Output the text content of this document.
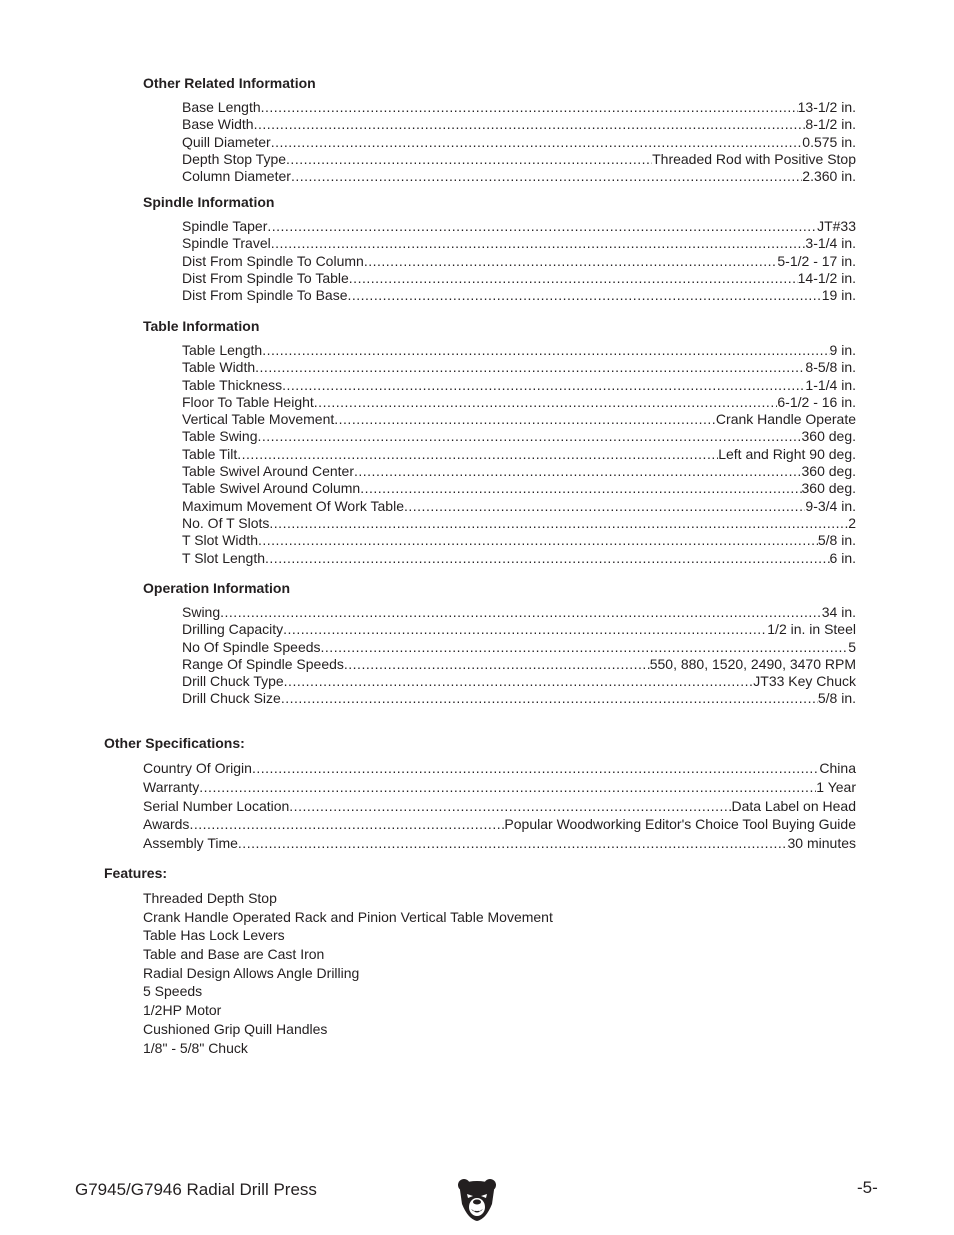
Other Related Information
Base Length .....	13-1/2 in.
Base Width .....	8-1/2 in.
Quill Diameter .....	0.575 in.
Depth Stop Type .....	Threaded Rod with Positive Stop
Column Diameter .....	2.360 in.
Spindle Information
Spindle Taper .....	JT#33
Spindle Travel .....	3-1/4 in.
Dist From Spindle To Column .....	5-1/2 - 17 in.
Dist From Spindle To Table .....	14-1/2 in.
Dist From Spindle To Base .....	19 in.
Table Information
Table Length .....	9 in.
Table Width .....	8-5/8 in.
Table Thickness .....	1-1/4 in.
Floor To Table Height .....	6-1/2 - 16 in.
Vertical Table Movement .....	Crank Handle Operate
Table Swing .....	360 deg.
Table Tilt .....	Left and Right 90 deg.
Table Swivel Around Center .....	360 deg.
Table Swivel Around Column .....	360 deg.
Maximum Movement Of Work Table .....	9-3/4 in.
No. Of T Slots .....	2
T Slot Width .....	5/8 in.
T Slot Length .....	6 in.
Operation Information
Swing .....	34 in.
Drilling Capacity .....	1/2 in. in Steel
No Of Spindle Speeds .....	5
Range Of Spindle Speeds .....	550, 880, 1520, 2490, 3470 RPM
Drill Chuck Type .....	JT33 Key Chuck
Drill Chuck Size .....	5/8 in.
Other Specifications:
Country Of Origin .....	China
Warranty .....	1 Year
Serial Number Location .....	Data Label on Head
Awards .....	Popular Woodworking Editor's Choice Tool Buying Guide
Assembly Time .....	30 minutes
Features:
Threaded Depth Stop
Crank Handle Operated Rack and Pinion Vertical Table Movement
Table Has Lock Levers
Table and Base are Cast Iron
Radial Design Allows Angle Drilling
5 Speeds
1/2HP Motor
Cushioned Grip Quill Handles
1/8" - 5/8" Chuck
G7945/G7946 Radial Drill Press	-5-
